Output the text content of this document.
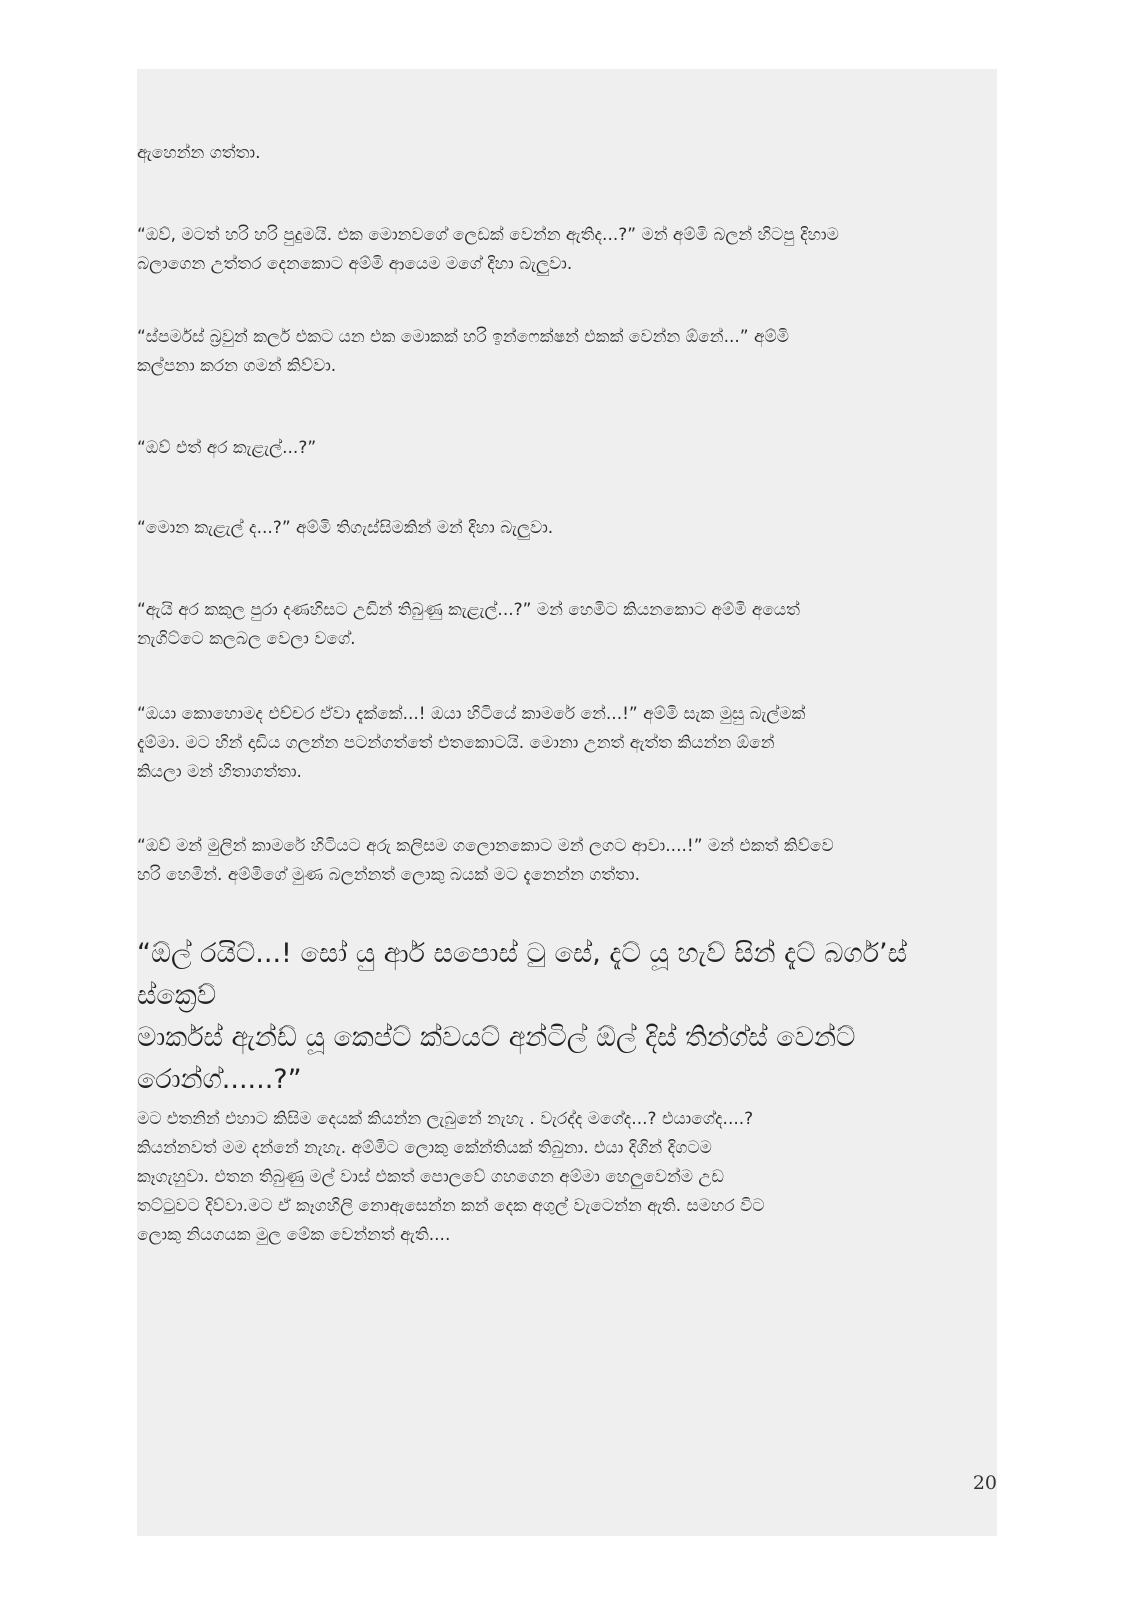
ඇහෙන්න ගත්තා.

“ඔව්, මටත් හරි හරි පුදුමයි. එක මොනවගේ ලෙඩක් වෙන්න ඇතිද...?” මන් අම්මි බලන් හිටපු දිහාම
බලාගෙන උත්තර දෙනකොට අම්මි ආයෙම මගේ දිහා බැලුවා.

“ස්පර්මස් බ්‍රවුන් කලර් එකට යන එක මොකක් හරි ඉන්ෆෙක්ෂන් එකක් වෙන්න ඕනේ...” අම්මි
කල්පනා කරන ගමන් කිව්වා.

“ඔව් එත් අර කැළැල්...?”

“මොන කැළැල් ද...?” අම්මි තිගැස්සිමකින් මන් දිහා බැලුවා.

“ඇයි අර කකුල පුරා දණහිසට උඩින් තිබුණු කැළැල්...?” මන් හෙමිට කියනකොට අම්මි අයෙත්
නැගිට්ටෙ කලබල වෙලා වගේ.

“ඔයා කොහොමද එච්චර ඒවා දැක්කේ...! ඔයා හිටියේ කාමරේ නේ...!” අම්මි සැක මුසු බැල්මක්
දැම්මා. මට හින් දාඩිය ගලන්න පටන්ගත්තේ එතකොටයි. මොනා උනත් ඇත්ත කියන්න ඕනේ
කියලා මන් හිතාගත්තා.

“ඔව් මන් මුලින් කාමරේ හිටියට අරු කලිසම ගලොනකොට මන් ලගට ආවා....!” මන් එකත් කිව්වෙ
හරි හෙමින්. අම්මිගේ මුණ බලන්නත් ලොකු බයක් මට දැනෙන්න ගත්තා.

“ඕල් රයිට්...! සෝ යු ආර් සපොස් ටු සේ, දැට් යූ හැව් සින් දැට් බගර්’ස් ස්ක්‍රෙව්
මාර්කස් ඇන්ඩ් යූ කෙප්ට් ක්වයට් අන්ටිල් ඕල් දිස් තින්ග්ස් වෙන්ට්
රොන්ග්......?”

මට එතනින් එහාට කිසිම දෙයක් කියන්න ලැබුනේ නැහැ . වැරද්ද මගේද...? එයාගේද....?
කියන්නවත් මම දන්නේ නැහැ. අම්මිට ලොකු කේන්තියක් තිබුනා. එයා දිගින් දිගටම
කෑගැහුවා. එතන තිබුණු මල් වාස් එකත් පොලවේ ගහගෙන අම්මා හෙලුවෙන්ම උඩ
තට්ටුවට දිව්වා.මට ඒ කෑගහිලි නොඇසෙන්න කන් දෙක අගුල් වැටෙන්න ඇති. සමහර විට
ලොකු නියගයක මුල මේක වෙන්නත් ඇති....

20
